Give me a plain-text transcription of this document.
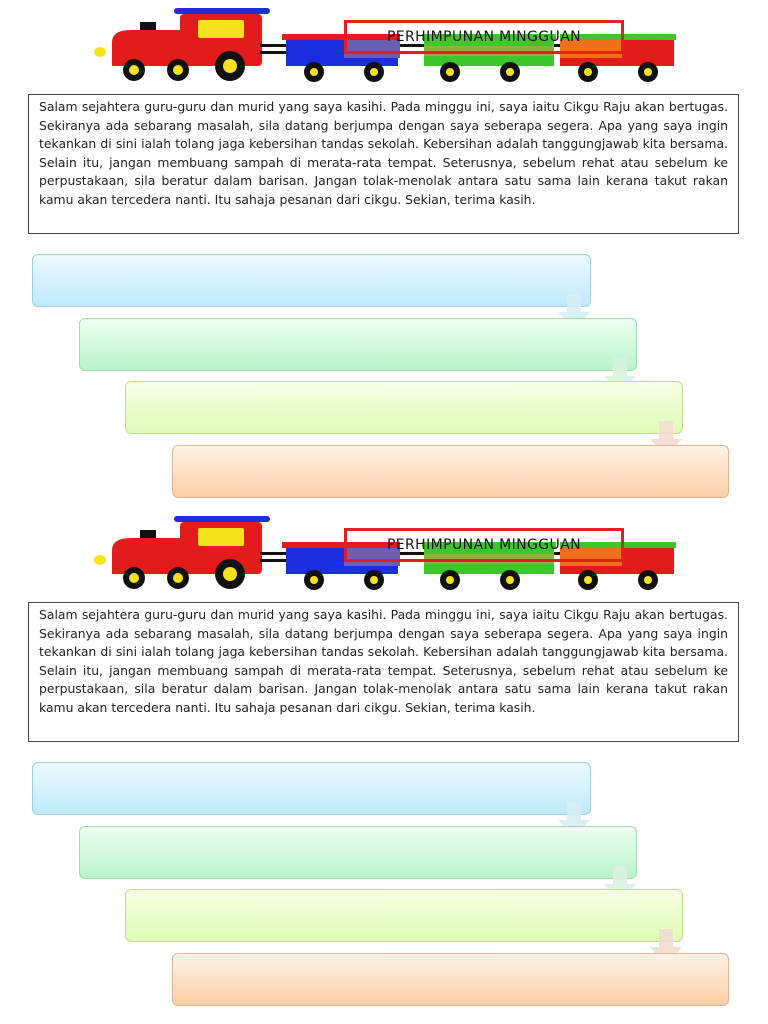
PERHIMPUNAN MINGGUAN
Salam sejahtera guru-guru dan murid yang saya kasihi. Pada minggu ini, saya iaitu Cikgu Raju akan bertugas. Sekiranya ada sebarang masalah, sila datang berjumpa dengan saya seberapa segera. Apa yang saya ingin tekankan di sini ialah tolang jaga kebersihan tandas sekolah. Kebersihan adalah tanggungjawab kita bersama. Selain itu, jangan membuang sampah di merata-rata tempat. Seterusnya, sebelum rehat atau sebelum ke perpustakaan, sila beratur dalam barisan. Jangan tolak-menolak antara satu sama lain kerana takut rakan kamu akan tercedera nanti. Itu sahaja pesanan dari cikgu. Sekian, terima kasih.
PERHIMPUNAN MINGGUAN
Salam sejahtera guru-guru dan murid yang saya kasihi. Pada minggu ini, saya iaitu Cikgu Raju akan bertugas. Sekiranya ada sebarang masalah, sila datang berjumpa dengan saya seberapa segera. Apa yang saya ingin tekankan di sini ialah tolang jaga kebersihan tandas sekolah. Kebersihan adalah tanggungjawab kita bersama. Selain itu, jangan membuang sampah di merata-rata tempat. Seterusnya, sebelum rehat atau sebelum ke perpustakaan, sila beratur dalam barisan. Jangan tolak-menolak antara satu sama lain kerana takut rakan kamu akan tercedera nanti. Itu sahaja pesanan dari cikgu. Sekian, terima kasih.
